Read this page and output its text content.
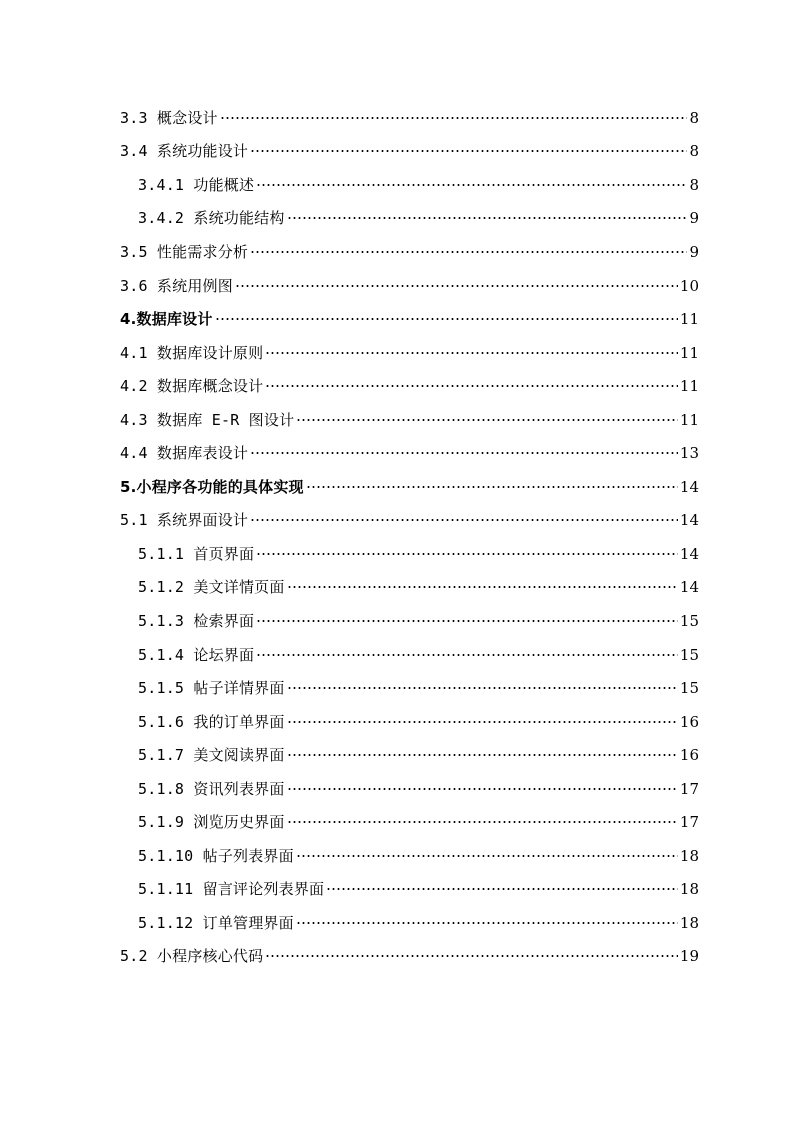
3.3 概念设计	8
3.4 系统功能设计	8
3.4.1 功能概述	8
3.4.2 系统功能结构	9
3.5 性能需求分析	9
3.6 系统用例图	10
4.数据库设计	11
4.1 数据库设计原则	11
4.2 数据库概念设计	11
4.3 数据库 E-R 图设计	11
4.4 数据库表设计	13
5.小程序各功能的具体实现	14
5.1 系统界面设计	14
5.1.1 首页界面	14
5.1.2 美文详情页面	14
5.1.3 检索界面	15
5.1.4 论坛界面	15
5.1.5 帖子详情界面	15
5.1.6 我的订单界面	16
5.1.7 美文阅读界面	16
5.1.8 资讯列表界面	17
5.1.9 浏览历史界面	17
5.1.10 帖子列表界面	18
5.1.11 留言评论列表界面	18
5.1.12 订单管理界面	18
5.2 小程序核心代码	19
